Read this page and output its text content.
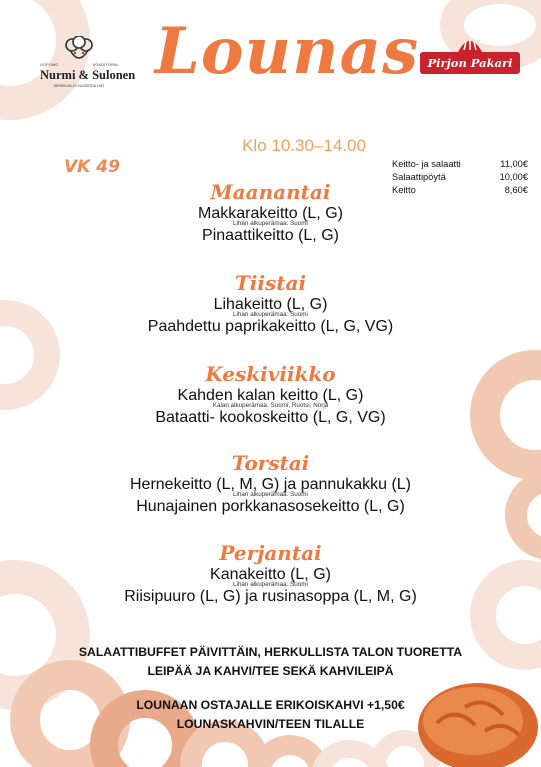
LEIPOMO	KONDITORIA
Nurmi & Sulonen
HERKKUJA JO VUODESTA 1947 Lounas Pirjon Pakari
Klo 10.30–14.00
VK 49	Keitto- ja salaatti	11,00€
Salaattipöytä	10,00€
Keitto	8,60€
Maanantai
Makkarakeitto (L, G)
Lihan alkuperämaa: Suomi
Pinaattikeitto (L, G)
Tiistai
Lihakeitto (L, G)
Lihan alkuperämaa: Suomi
Paahdettu paprikakeitto (L, G, VG)
Keskiviikko
Kahden kalan keitto (L, G)
Kalan alkuperämaa: Suomi, Ruotsi, Norja
Bataatti- kookoskeitto (L, G, VG)
Torstai
Hernekeitto (L, M, G) ja pannukakku (L)
Lihan alkuperämaa: Suomi
Hunajainen porkkanasosekeitto (L, G)
Perjantai
Kanakeitto (L, G)
Lihan alkuperämaa: Suomi
Riisipuuro (L, G) ja rusinasoppa (L, M, G)
SALAATTIBUFFET PÄIVITTÄIN, HERKULLISTA TALON TUORETTA
LEIPÄÄ JA KAHVI/TEE SEKÄ KAHVILEIPÄ
LOUNAAN OSTAJALLE ERIKOISKAHVI +1,50€
LOUNASKAHVIN/TEEN TILALLE
